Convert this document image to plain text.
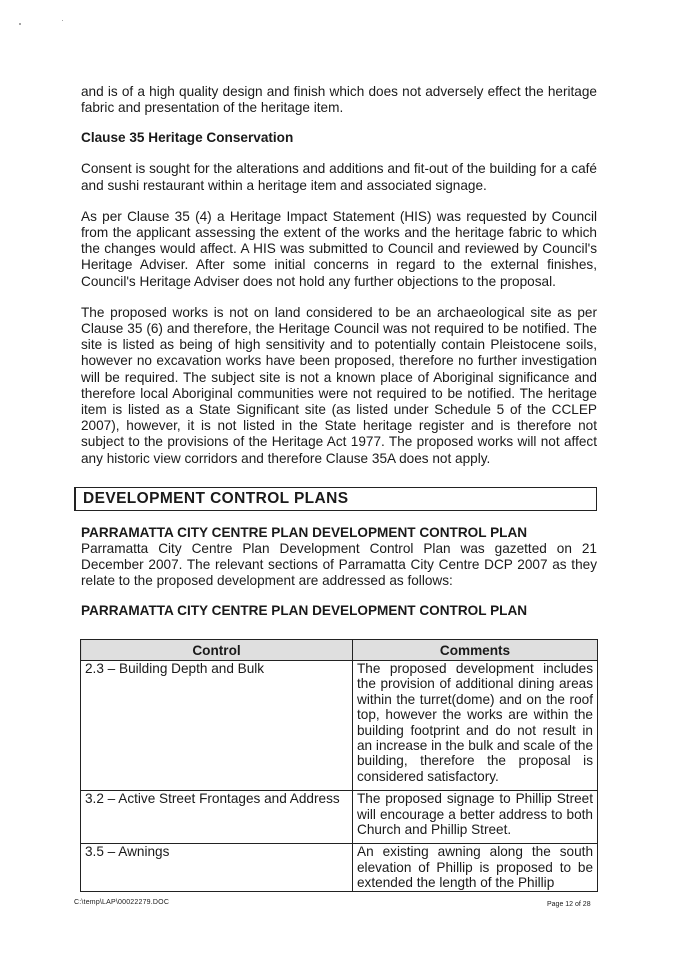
and is of a high quality design and finish which does not adversely effect the heritage fabric and presentation of the heritage item.

Clause 35 Heritage Conservation

Consent is sought for the alterations and additions and fit-out of the building for a café and sushi restaurant within a heritage item and associated signage.

As per Clause 35 (4) a Heritage Impact Statement (HIS) was requested by Council from the applicant assessing the extent of the works and the heritage fabric to which the changes would affect. A HIS was submitted to Council and reviewed by Council's Heritage Adviser. After some initial concerns in regard to the external finishes, Council's Heritage Adviser does not hold any further objections to the proposal.

The proposed works is not on land considered to be an archaeological site as per Clause 35 (6) and therefore, the Heritage Council was not required to be notified. The site is listed as being of high sensitivity and to potentially contain Pleistocene soils, however no excavation works have been proposed, therefore no further investigation will be required. The subject site is not a known place of Aboriginal significance and therefore local Aboriginal communities were not required to be notified. The heritage item is listed as a State Significant site (as listed under Schedule 5 of the CCLEP 2007), however, it is not listed in the State heritage register and is therefore not subject to the provisions of the Heritage Act 1977. The proposed works will not affect any historic view corridors and therefore Clause 35A does not apply.

DEVELOPMENT CONTROL PLANS
PARRAMATTA CITY CENTRE PLAN DEVELOPMENT CONTROL PLAN

Parramatta City Centre Plan Development Control Plan was gazetted on 21 December 2007. The relevant sections of Parramatta City Centre DCP 2007 as they relate to the proposed development are addressed as follows:

PARRAMATTA CITY CENTRE PLAN DEVELOPMENT CONTROL PLAN
Control	Comments
2.3 – Building Depth and Bulk	The proposed development includes the provision of additional dining areas within the turret(dome) and on the roof top, however the works are within the building footprint and do not result in an increase in the bulk and scale of the building, therefore the proposal is considered satisfactory.
3.2 – Active Street Frontages and Address	The proposed signage to Phillip Street will encourage a better address to both Church and Phillip Street.
3.5 – Awnings	An existing awning along the south elevation of Phillip is proposed to be extended the length of the Phillip
C:\temp\LAP\00022279.DOC	Page 12 of 28
